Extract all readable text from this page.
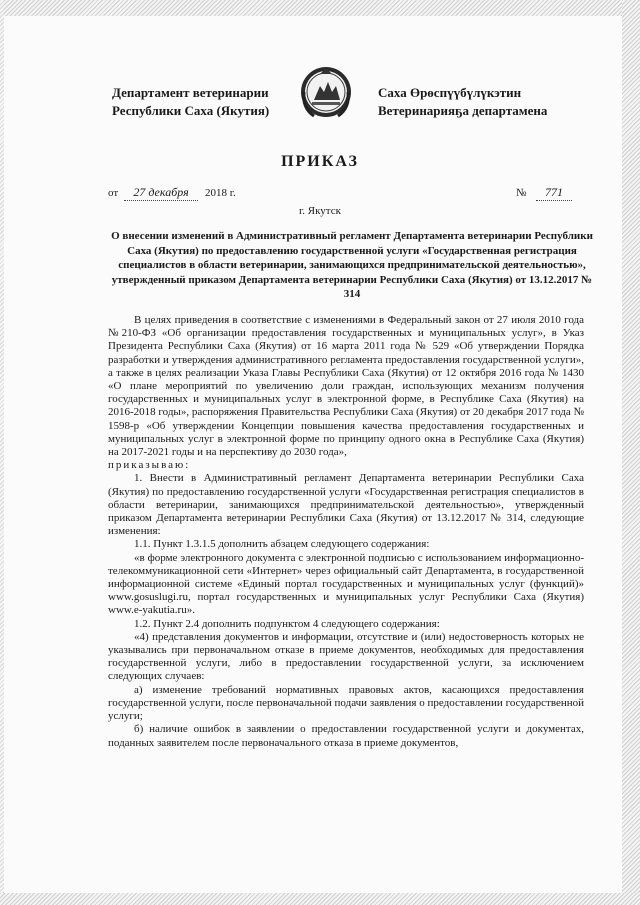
Департамент ветеринарии
Республики Саха (Якутия)
Саха Өрөспүүбүлүкэтин
Ветеринарияҕа департамена
ПРИКАЗ
от	27 декабря	2018 г.	№	771
г. Якутск
О внесении изменений в Административный регламент Департамента ветеринарии Республики Саха (Якутия) по предоставлению государственной услуги «Государственная регистрация специалистов в области ветеринарии, занимающихся предпринимательской деятельностью», утвержденный приказом Департамента ветеринарии Республики Саха (Якутия) от 13.12.2017 № 314

В целях приведения в соответствие с изменениями в Федеральный закон от 27 июля 2010 года №210-ФЗ «Об организации предоставления государственных и муниципальных услуг», в Указ Президента Республики Саха (Якутия) от 16 марта 2011 года № 529 «Об утверждении Порядка разработки и утверждения административного регламента предоставления государственной услуги», а также в целях реализации Указа Главы Республики Саха (Якутия) от 12 октября 2016 года № 1430 «О плане мероприятий по увеличению доли граждан, использующих механизм получения государственных и муниципальных услуг в электронной форме, в Республике Саха (Якутия) на 2016-2018 годы», распоряжения Правительства Республики Саха (Якутия) от 20 декабря 2017 года № 1598-р «Об утверждении Концепции повышения качества предоставления государственных и муниципальных услуг в электронной форме по принципу одного окна в Республике Саха (Якутия) на 2017-2021 годы и на перспективу до 2030 года»,

приказываю:

1. Внести в Административный регламент Департамента ветеринарии Республики Саха (Якутия) по предоставлению государственной услуги «Государственная регистрация специалистов в области ветеринарии, занимающихся предпринимательской деятельностью», утвержденный приказом Департамента ветеринарии Республики Саха (Якутия) от 13.12.2017 № 314, следующие изменения:

1.1. Пункт 1.3.1.5 дополнить абзацем следующего содержания:

«в форме электронного документа с электронной подписью с использованием информационно-телекоммуникационной сети «Интернет» через официальный сайт Департамента, в государственной информационной системе «Единый портал государственных и муниципальных услуг (функций)» www.gosuslugi.ru, портал государственных и муниципальных услуг Республики Саха (Якутия) www.e-yakutia.ru».

1.2. Пункт 2.4 дополнить подпунктом 4 следующего содержания:

«4) представления документов и информации, отсутствие и (или) недостоверность которых не указывались при первоначальном отказе в приеме документов, необходимых для предоставления государственной услуги, либо в предоставлении государственной услуги, за исключением следующих случаев:

а) изменение требований нормативных правовых актов, касающихся предоставления государственной услуги, после первоначальной подачи заявления о предоставлении государственной услуги;

б) наличие ошибок в заявлении о предоставлении государственной услуги и документах, поданных заявителем после первоначального отказа в приеме документов,
